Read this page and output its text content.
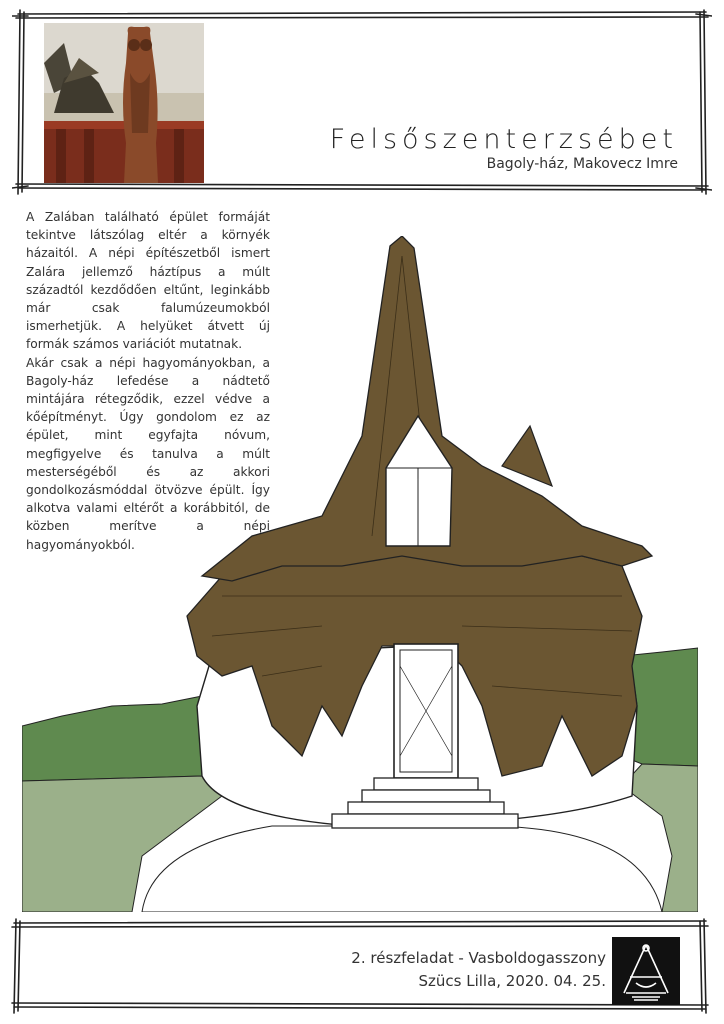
Felsőszenterzsébet
Bagoly-ház, Makovecz Imre

A Zalában található épület formáját tekintve látszólag eltér a környék házaitól. A népi építészetből ismert Zalára jellemző háztípus a múlt századtól kezdődően eltűnt, leginkább már csak falumúzeumokból ismerhetjük. A helyüket átvett új formák számos variációt mutatnak.

Akár csak a népi hagyományokban, a Bagoly-ház lefedése a nádtető mintájára rétegződik, ezzel védve a kőépítményt. Úgy gondolom ez az épület, mint egyfajta nóvum, megfigyelve és tanulva a múlt mesterségéből és az akkori gondolkozásmóddal ötvözve épült. Így alkotva valami eltérőt a korábbitól, de közben merítve a népi hagyományokból.

2. részfeladat - Vasboldogasszony
Szücs Lilla, 2020. 04. 25.
